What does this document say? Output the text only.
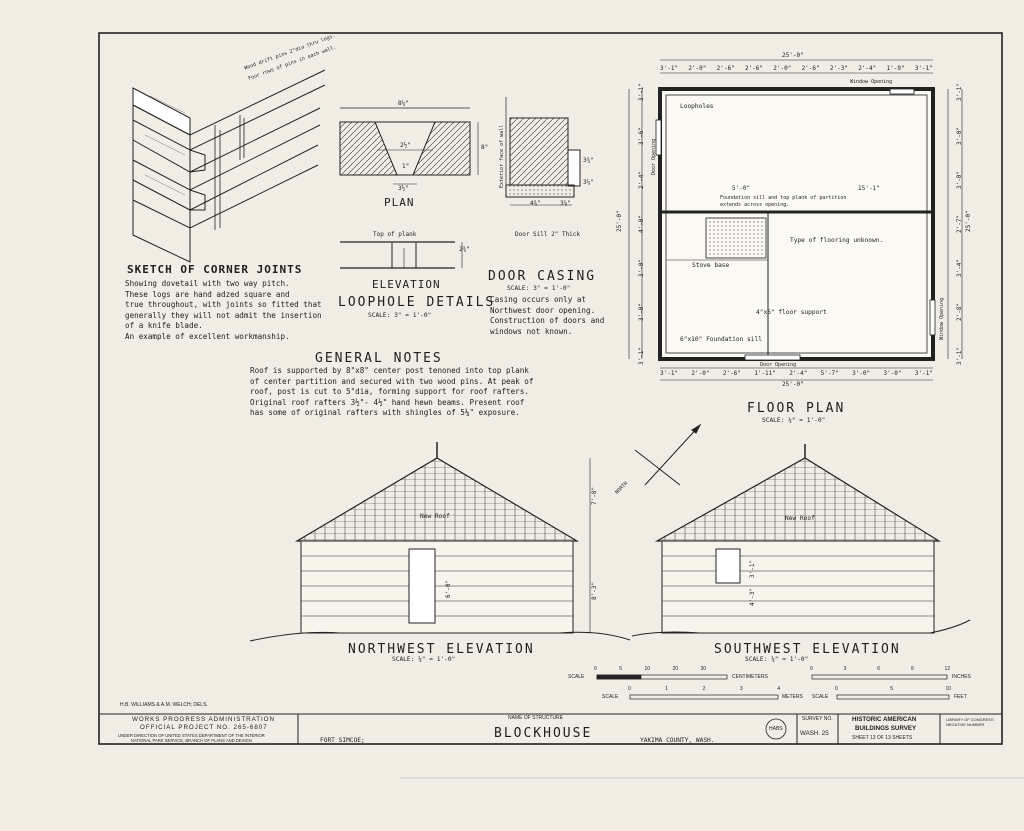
Wood drift pins 2"dia thru logs.
Four rows of pins in each wall.
SKETCH OF CORNER JOINTS
Showing dovetail with two way pitch.
These logs are hand adzed square and
true throughout, with joints so fitted that
generally they will not admit the insertion
of a knife blade.
An example of excellent workmanship.
8¼"
2½"
1"
3½"
8"
PLAN
Top of plank
2¾"
ELEVATION
LOOPHOLE DETAILS
SCALE: 3" = 1'-0"
Exterior face of wall	3¾"
4¾"
3¼"
3⅞"
Door Sill 2" Thick
DOOR CASING
SCALE: 3" = 1'-0"
Casing occurs only at
Northwest door opening.
Construction of doors and
windows not known.
GENERAL NOTES
Roof is supported by 8"x8" center post tenoned into top plank
of center partition and secured with two wood pins. At peak of
roof, post is cut to 5"dia, forming support for roof rafters.
Original roof rafters 3½"- 4½" hand hewn beams. Present roof
has some of original rafters with shingles of 5¼" exposure.
25'-0"
3'-1" 2'-0" 2'-6" 2'-6" 2'-0" 2'-6" 2'-3" 2'-4" 1'-9" 3'-1"
3'-1" 2'-0" 2'-6" 1'-11" 2'-4" 5'-7" 3'-0" 3'-0" 3'-1"
25'-0"
3'-1"
3'-6"
2'-4"
4'-0"
3'-0"
3'-0"
3'-1"
3'-1"
3'-0"
3'-0"
2'-7"
3'-4"
2'-8"
3'-1"
25'-0"	25'-0"
Window Opening
Loopholes
Door Opening
5'-0"	15'-1"
Foundation sill and top plank of partition
extends across opening.
Type of flooring unknown.
Stove base
4"x6" floor support
6"x10" Foundation sill
Door Opening
Window Opening
FLOOR PLAN
SCALE: ¼" = 1'-0"
NORTH
New Roof	New Roof
7'-8"
8'-3"
6'-0"
3'-1"
4'-3"
NORTHWEST ELEVATION
SCALE: ¼" = 1'-0"
SOUTHWEST ELEVATION
SCALE: ¼" = 1'-0"
SCALE	CENTIMETERS	INCHES
SCALE	METERS SCALE	FEET
0	5	10	20	30	0	3	6	9	12
0	1	2	3	4	0	5	10
H.B. WILLIAMS & A.M. WELCH; DELS.
WORKS PROGRESS ADMINISTRATION
OFFICIAL PROJECT NO. 265-6807
UNDER DIRECTION OF UNITED STATES DEPARTMENT OF THE INTERIOR
NATIONAL PARK SERVICE, BRANCH OF PLANS AND DESIGN
NAME OF STRUCTURE
BLOCKHOUSE
FORT SIMCOE;	YAKIMA COUNTY, WASH.
HABS
SURVEY NO.
WASH. 25
HISTORIC AMERICAN
BUILDINGS SURVEY
SHEET 13 OF 13 SHEETS
LIBRARY OF CONGRESS
NEGATIVE NUMBER
